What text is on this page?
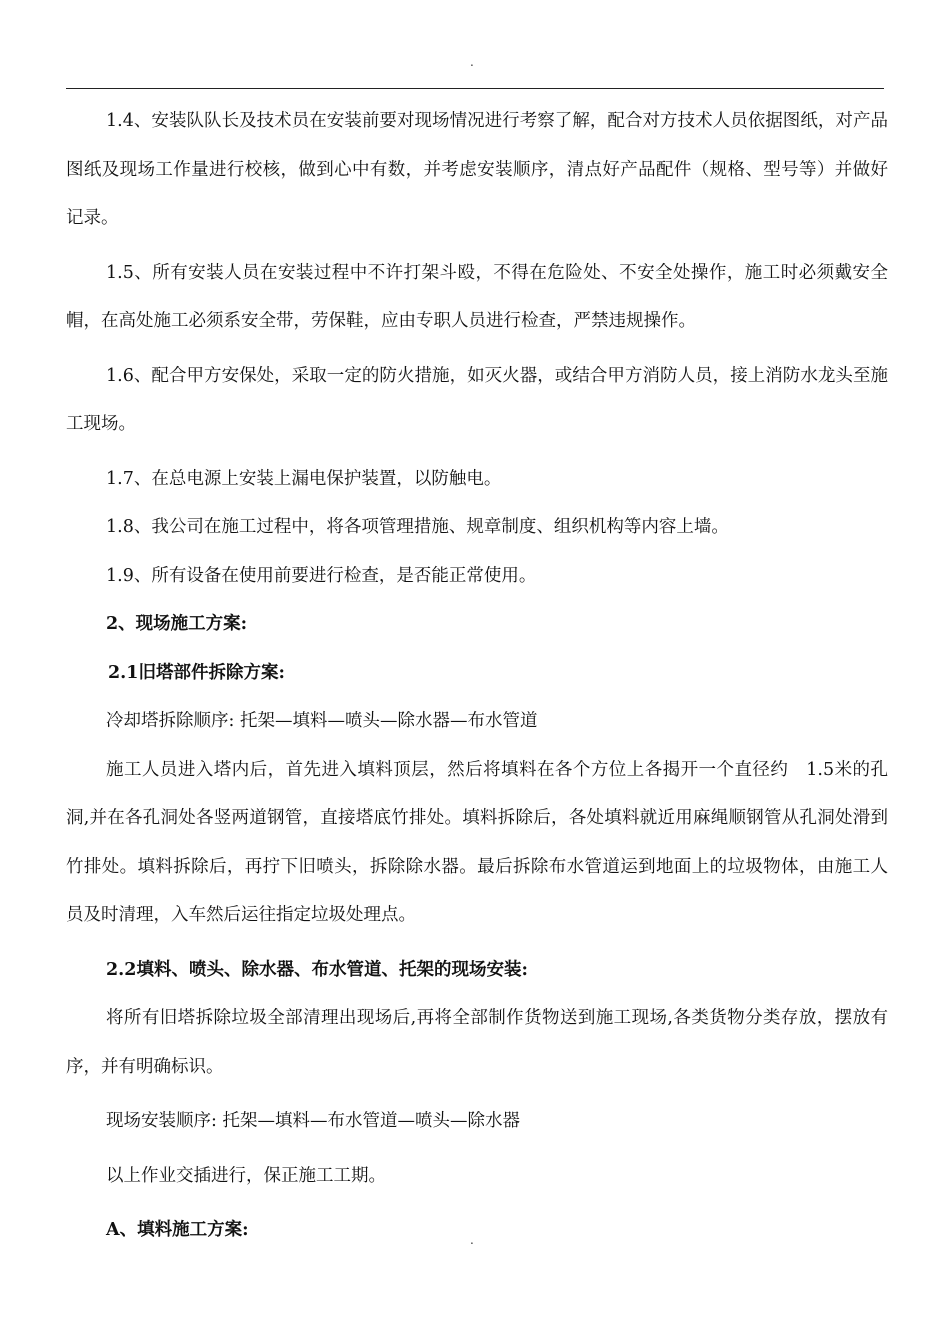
.

1.4、安装队队长及技术员在安装前要对现场情况进行考察了解，配合对方技术人员依据图纸，对产品图纸及现场工作量进行校核，做到心中有数，并考虑安装顺序，清点好产品配件（规格、型号等）并做好记录。

1.5、所有安装人员在安装过程中不许打架斗殴，不得在危险处、不安全处操作，施工时必须戴安全帽，在高处施工必须系安全带，劳保鞋，应由专职人员进行检查，严禁违规操作。

1.6、配合甲方安保处，采取一定的防火措施，如灭火器，或结合甲方消防人员，接上消防水龙头至施工现场。

1.7、在总电源上安装上漏电保护装置，以防触电。

1.8、我公司在施工过程中，将各项管理措施、规章制度、组织机构等内容上墙。

1.9、所有设备在使用前要进行检查，是否能正常使用。

2、现场施工方案:

2.1旧塔部件拆除方案:

冷却塔拆除顺序: 托架—填料—喷头—除水器—布水管道

施工人员进入塔内后，首先进入填料顶层，然后将填料在各个方位上各揭开一个直径约　1.5米的孔洞,并在各孔洞处各竖两道钢管，直接塔底竹排处。填料拆除后，各处填料就近用麻绳顺钢管从孔洞处滑到竹排处。填料拆除后，再拧下旧喷头，拆除除水器。最后拆除布水管道运到地面上的垃圾物体，由施工人员及时清理，入车然后运往指定垃圾处理点。

2.2填料、喷头、除水器、布水管道、托架的现场安装:

将所有旧塔拆除垃圾全部清理出现场后,再将全部制作货物送到施工现场,各类货物分类存放，摆放有序，并有明确标识。

现场安装顺序: 托架—填料—布水管道—喷头—除水器

以上作业交插进行，保正施工工期。

A、填料施工方案:	.
